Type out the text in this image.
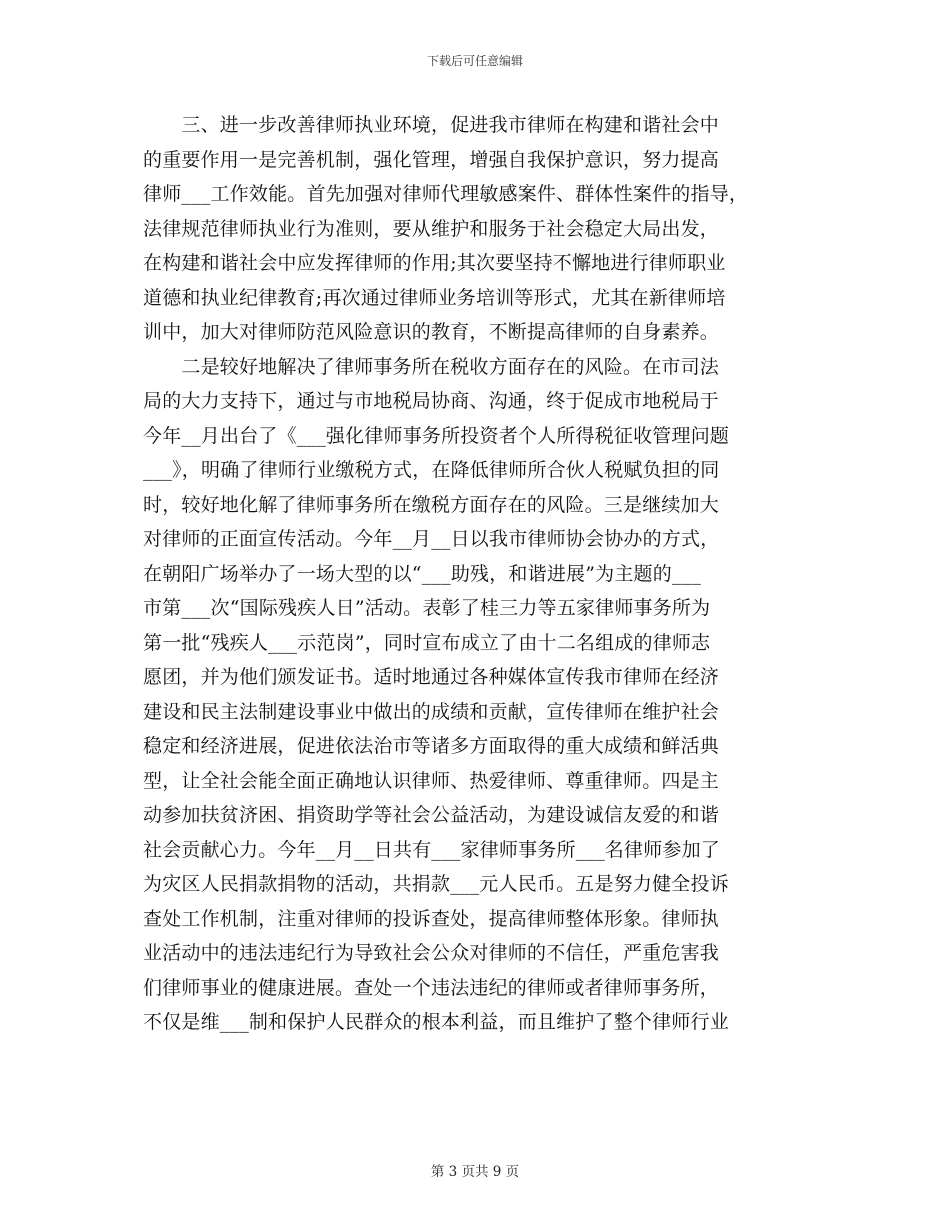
下载后可任意编辑
　　三、进一步改善律师执业环境，促进我市律师在构建和谐社会中
的重要作用一是完善机制，强化管理，增强自我保护意识，努力提高
律师___工作效能。首先加强对律师代理敏感案件、群体性案件的指导，
法律规范律师执业行为准则，要从维护和服务于社会稳定大局出发，
在构建和谐社会中应发挥律师的作用;其次要坚持不懈地进行律师职业
道德和执业纪律教育;再次通过律师业务培训等形式，尤其在新律师培
训中，加大对律师防范风险意识的教育，不断提高律师的自身素养。
　　二是较好地解决了律师事务所在税收方面存在的风险。在市司法
局的大力支持下，通过与市地税局协商、沟通，终于促成市地税局于
今年__月出台了《___强化律师事务所投资者个人所得税征收管理问题
___》，明确了律师行业缴税方式，在降低律师所合伙人税赋负担的同
时，较好地化解了律师事务所在缴税方面存在的风险。三是继续加大
对律师的正面宣传活动。今年__月__日以我市律师协会协办的方式，
在朝阳广场举办了一场大型的以“___助残，和谐进展”为主题的___
市第___次“国际残疾人日”活动。表彰了桂三力等五家律师事务所为
第一批“残疾人___示范岗”，同时宣布成立了由十二名组成的律师志
愿团，并为他们颁发证书。适时地通过各种媒体宣传我市律师在经济
建设和民主法制建设事业中做出的成绩和贡献，宣传律师在维护社会
稳定和经济进展，促进依法治市等诸多方面取得的重大成绩和鲜活典
型，让全社会能全面正确地认识律师、热爱律师、尊重律师。四是主
动参加扶贫济困、捐资助学等社会公益活动，为建设诚信友爱的和谐
社会贡献心力。今年__月__日共有___家律师事务所___名律师参加了
为灾区人民捐款捐物的活动，共捐款___元人民币。五是努力健全投诉
查处工作机制，注重对律师的投诉查处，提高律师整体形象。律师执
业活动中的违法违纪行为导致社会公众对律师的不信任，严重危害我
们律师事业的健康进展。查处一个违法违纪的律师或者律师事务所，
不仅是维___制和保护人民群众的根本利益，而且维护了整个律师行业
第 3 页共 9 页
